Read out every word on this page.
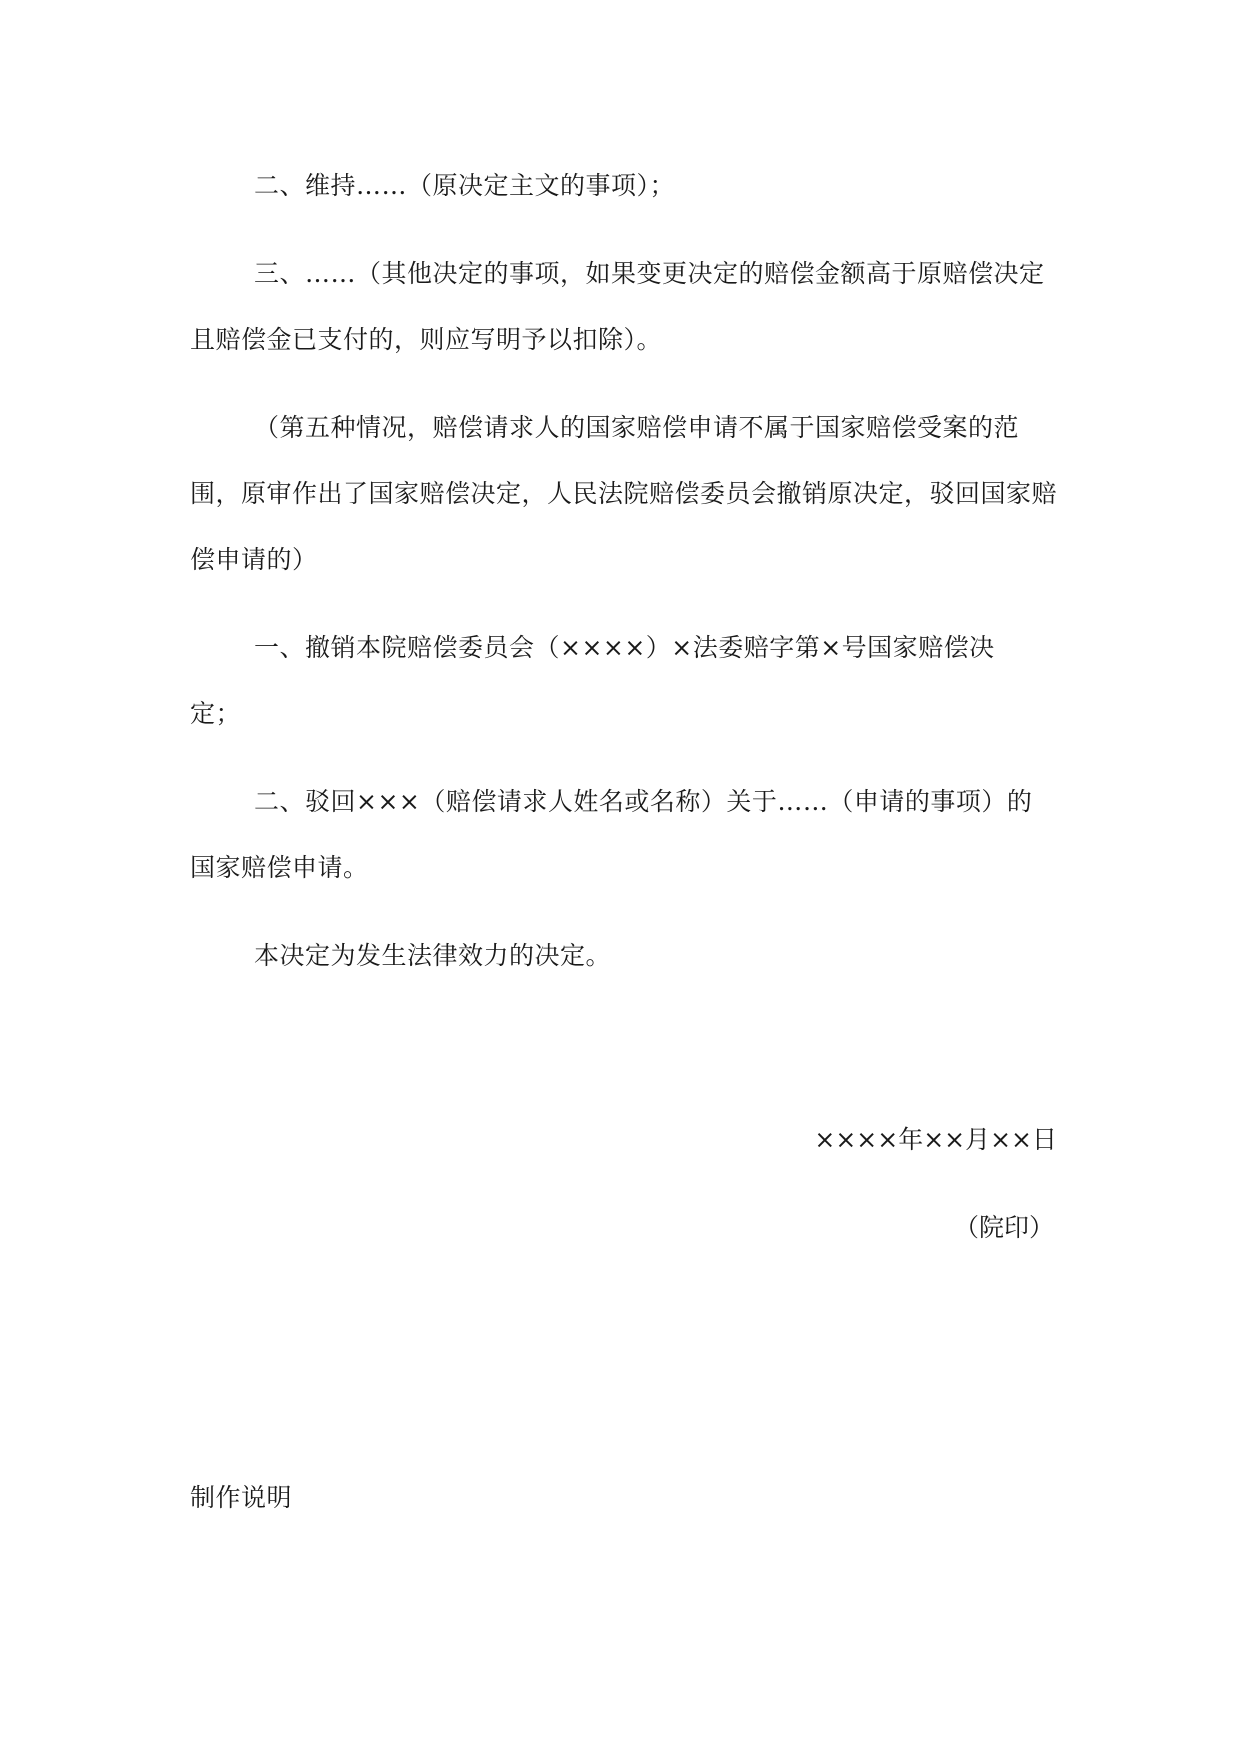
二、维持……（原决定主文的事项）；
三、……（其他决定的事项，如果变更决定的赔偿金额高于原赔偿决定
且赔偿金已支付的，则应写明予以扣除）。
（第五种情况，赔偿请求人的国家赔偿申请不属于国家赔偿受案的范
围，原审作出了国家赔偿决定，人民法院赔偿委员会撤销原决定，驳回国家赔
偿申请的）
一、撤销本院赔偿委员会（××××）×法委赔字第×号国家赔偿决
定；
二、驳回×××（赔偿请求人姓名或名称）关于……（申请的事项）的
国家赔偿申请。
本决定为发生法律效力的决定。
××××年××月××日
（院印）
制作说明
